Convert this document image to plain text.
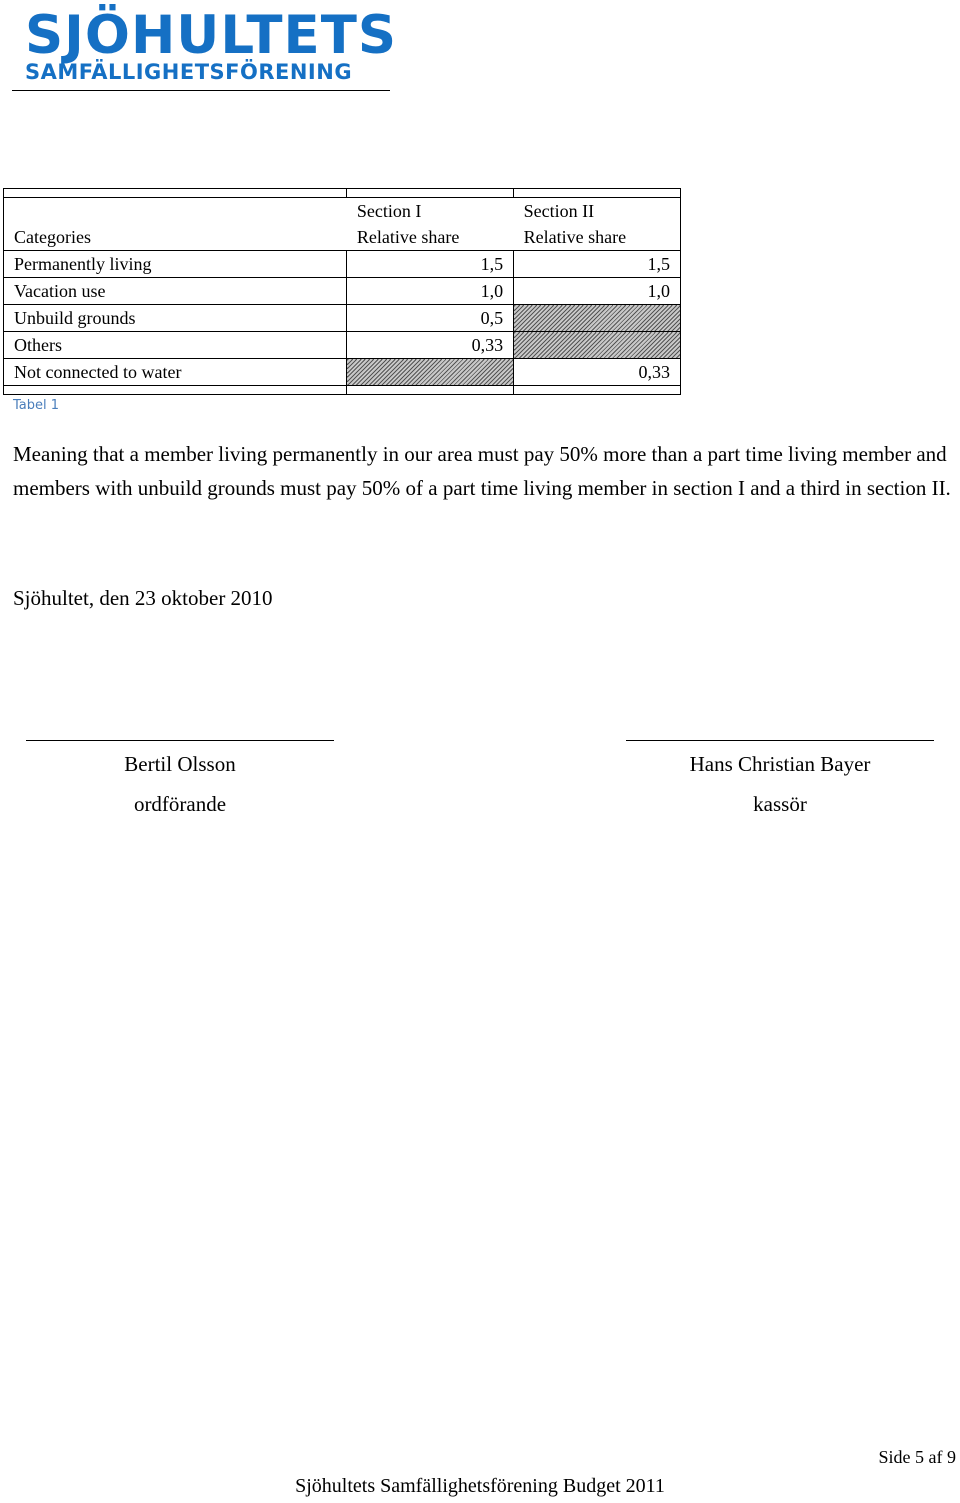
SJÖHULTETS
SAMFÄLLIGHETSFÖRENING

	Section I	Section II
Categories	Relative share	Relative share
Permanently living	1,5	1,5
Vacation use	1,0	1,0
Unbuild grounds	0,5	
Others	0,33	
Not connected to water		0,33

Tabel 1

Meaning that a member living permanently in our area must pay 50% more than a part time living member and members with unbuild grounds must pay 50% of a part time living member in section I and a third in section II.

Sjöhultet, den 23 oktober 2010
Bertil Olsson
ordförande
Hans Christian Bayer
kassör
Side 5 af 9
Sjöhultets Samfällighetsförening Budget 2011
